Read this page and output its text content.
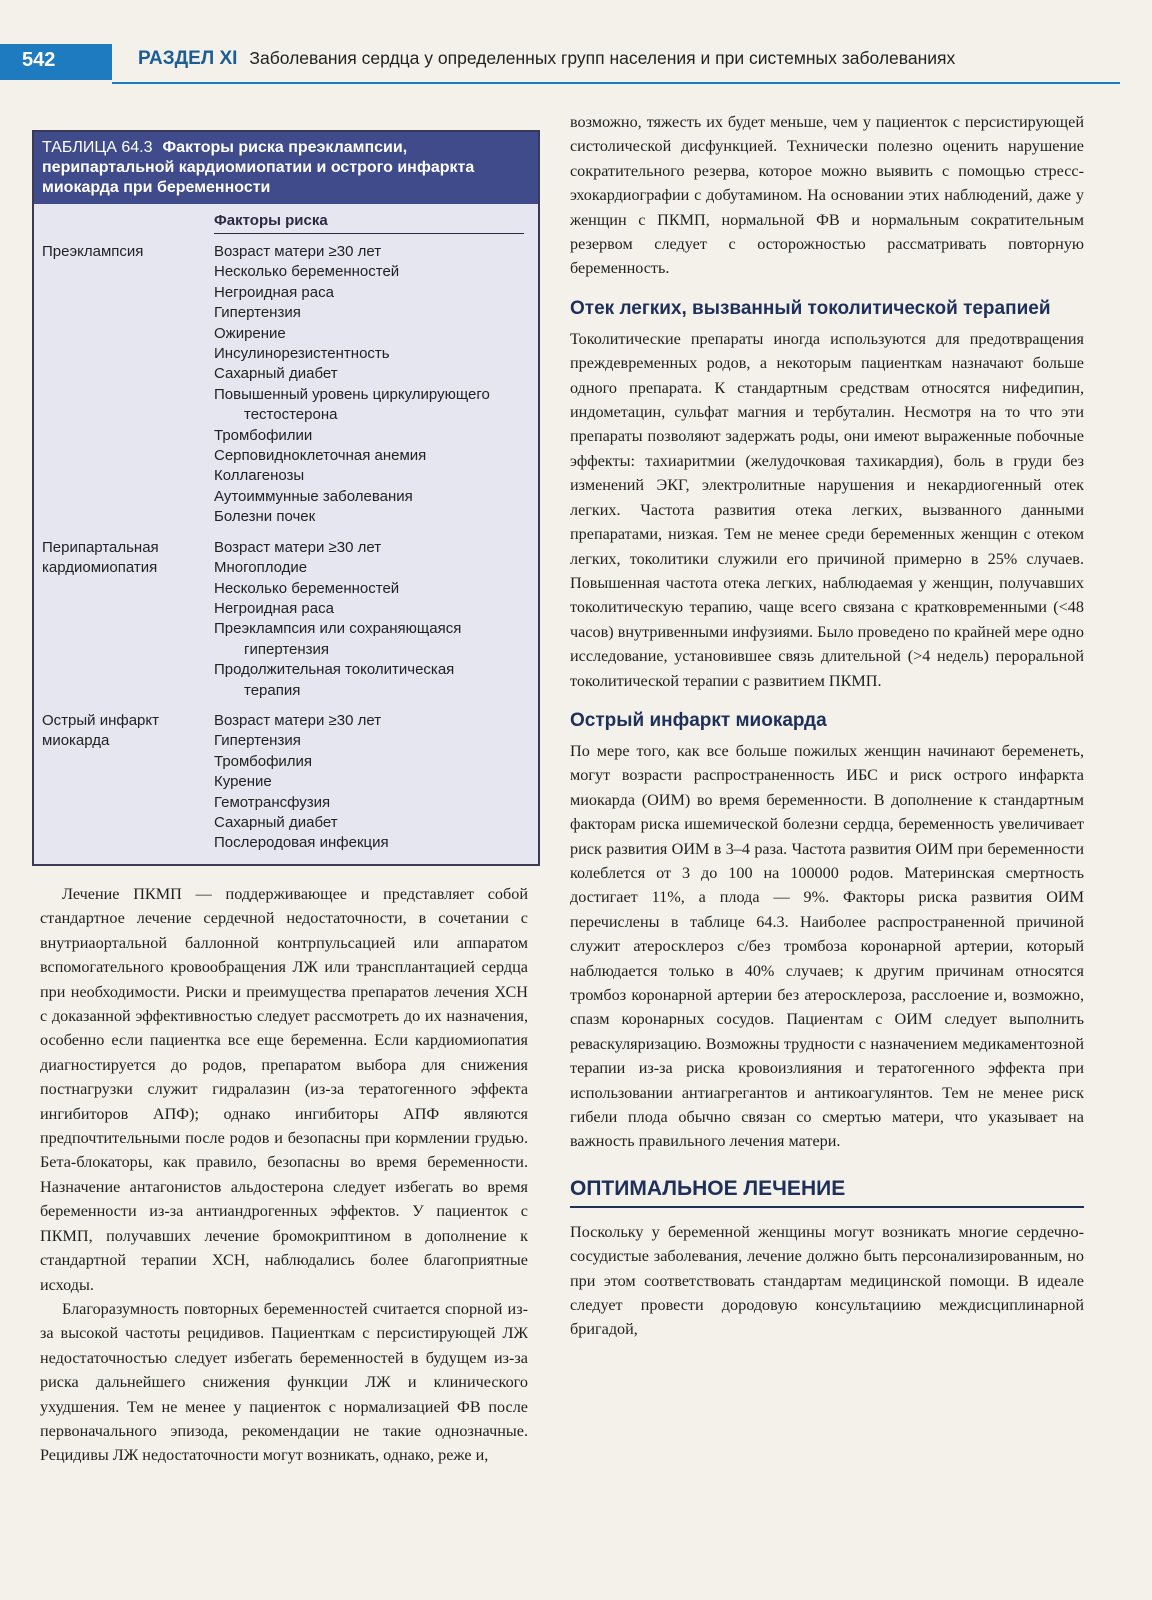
542	РАЗДЕЛ XI Заболевания сердца у определенных групп населения и при системных заболеваниях
ТАБЛИЦА 64.3 Факторы риска преэклампсии, перипартальной кардиомиопатии и острого инфаркта миокарда при беременности
Факторы риска
Преэклампсия	Возраст матери ≥30 лет
Несколько беременностей
Негроидная раса
Гипертензия
Ожирение
Инсулинорезистентность
Сахарный диабет
Повышенный уровень циркулирующего
тестостерона
Тромбофилии
Серповидноклеточная анемия
Коллагенозы
Аутоиммунные заболевания
Болезни почек
Перипартальная кардиомиопатия
Возраст матери ≥30 лет
Многоплодие
Несколько беременностей
Негроидная раса
Преэклампсия или сохраняющаяся
гипертензия
Продолжительная токолитическая
терапия
Острый инфаркт миокарда
Возраст матери ≥30 лет
Гипертензия
Тромбофилия
Курение
Гемотрансфузия
Сахарный диабет
Послеродовая инфекция

Лечение ПКМП — поддерживающее и представляет собой стандартное лечение сердечной недостаточности, в сочетании с внутриаортальной баллонной контрпульсацией или аппаратом вспомогательного кровообращения ЛЖ или трансплантацией сердца при необходимости. Риски и преимущества препаратов лечения ХСН с доказанной эффективностью следует рассмотреть до их назначения, особенно если пациентка все еще беременна. Если кардиомиопатия диагностируется до родов, препаратом выбора для снижения постнагрузки служит гидралазин (из-за тератогенного эффекта ингибиторов АПФ); однако ингибиторы АПФ являются предпочтительными после родов и безопасны при кормлении грудью. Бета-блокаторы, как правило, безопасны во время беременности. Назначение антагонистов альдостерона следует избегать во время беременности из-за антиандрогенных эффектов. У пациенток с ПКМП, получавших лечение бромокриптином в дополнение к стандартной терапии ХСН, наблюдались более благоприятные исходы.

Благоразумность повторных беременностей считается спорной из-за высокой частоты рецидивов. Пациенткам с персистирующей ЛЖ недостаточностью следует избегать беременностей в будущем из-за риска дальнейшего снижения функции ЛЖ и клинического ухудшения. Тем не менее у пациенток с нормализацией ФВ после первоначального эпизода, рекомендации не такие однозначные. Рецидивы ЛЖ недостаточности могут возникать, однако, реже и,

возможно, тяжесть их будет меньше, чем у пациенток с персистирующей систолической дисфункцией. Технически полезно оценить нарушение сократительного резерва, которое можно выявить с помощью стресс-эхокардиографии с добутамином. На основании этих наблюдений, даже у женщин с ПКМП, нормальной ФВ и нормальным сократительным резервом следует с осторожностью рассматривать повторную беременность.

Отек легких, вызванный токолитической терапией

Токолитические препараты иногда используются для предотвращения преждевременных родов, а некоторым пациенткам назначают больше одного препарата. К стандартным средствам относятся нифедипин, индометацин, сульфат магния и тербуталин. Несмотря на то что эти препараты позволяют задержать роды, они имеют выраженные побочные эффекты: тахиаритмии (желудочковая тахикардия), боль в груди без изменений ЭКГ, электролитные нарушения и некардиогенный отек легких. Частота развития отека легких, вызванного данными препаратами, низкая. Тем не менее среди беременных женщин с отеком легких, токолитики служили его причиной примерно в 25% случаев. Повышенная частота отека легких, наблюдаемая у женщин, получавших токолитическую терапию, чаще всего связана с кратковременными (<48 часов) внутривенными инфузиями. Было проведено по крайней мере одно исследование, установившее связь длительной (>4 недель) пероральной токолитической терапии с развитием ПКМП.

Острый инфаркт миокарда

По мере того, как все больше пожилых женщин начинают беременеть, могут возрасти распространенность ИБС и риск острого инфаркта миокарда (ОИМ) во время беременности. В дополнение к стандартным факторам риска ишемической болезни сердца, беременность увеличивает риск развития ОИМ в 3–4 раза. Частота развития ОИМ при беременности колеблется от 3 до 100 на 100000 родов. Материнская смертность достигает 11%, а плода — 9%. Факторы риска развития ОИМ перечислены в таблице 64.3. Наиболее распространенной причиной служит атеросклероз с/без тромбоза коронарной артерии, который наблюдается только в 40% случаев; к другим причинам относятся тромбоз коронарной артерии без атеросклероза, расслоение и, возможно, спазм коронарных сосудов. Пациентам с ОИМ следует выполнить реваскуляризацию. Возможны трудности с назначением медикаментозной терапии из-за риска кровоизлияния и тератогенного эффекта при использовании антиагрегантов и антикоагулянтов. Тем не менее риск гибели плода обычно связан со смертью матери, что указывает на важность правильного лечения матери.

ОПТИМАЛЬНОЕ ЛЕЧЕНИЕ

Поскольку у беременной женщины могут возникать многие сердечно-сосудистые заболевания, лечение должно быть персонализированным, но при этом соответствовать стандартам медицинской помощи. В идеале следует провести дородовую консультациию междисциплинарной бригадой,
